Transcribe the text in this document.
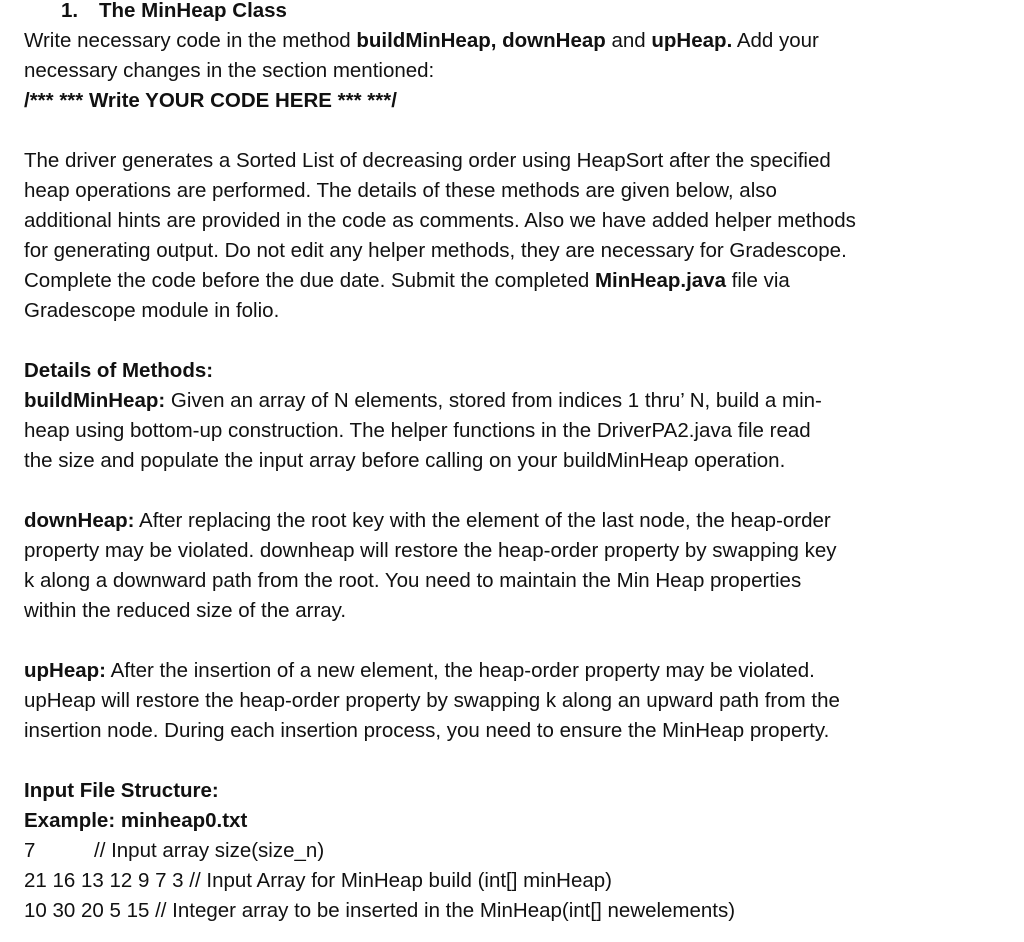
1. The MinHeap Class

Write necessary code in the method buildMinHeap, downHeap and upHeap. Add your

necessary changes in the section mentioned:

/*** *** Write YOUR CODE HERE *** ***/

The driver generates a Sorted List of decreasing order using HeapSort after the specified

heap operations are performed. The details of these methods are given below, also

additional hints are provided in the code as comments. Also we have added helper methods

for generating output. Do not edit any helper methods, they are necessary for Gradescope.

Complete the code before the due date. Submit the completed MinHeap.java file via

Gradescope module in folio.

Details of Methods:

buildMinHeap: Given an array of N elements, stored from indices 1 thru’ N, build a min-

heap using bottom-up construction. The helper functions in the DriverPA2.java file read

the size and populate the input array before calling on your buildMinHeap operation.

downHeap: After replacing the root key with the element of the last node, the heap-order

property may be violated. downheap will restore the heap-order property by swapping key

k along a downward path from the root. You need to maintain the Min Heap properties

within the reduced size of the array.

upHeap: After the insertion of a new element, the heap-order property may be violated.

upHeap will restore the heap-order property by swapping k along an upward path from the

insertion node. During each insertion process, you need to ensure the MinHeap property.

Input File Structure:

Example: minheap0.txt

7	// Input array size(size_n)

21 16 13 12 9 7 3 // Input Array for MinHeap build (int[] minHeap)

10 30 20 5 15 // Integer array to be inserted in the MinHeap(int[] newelements)
